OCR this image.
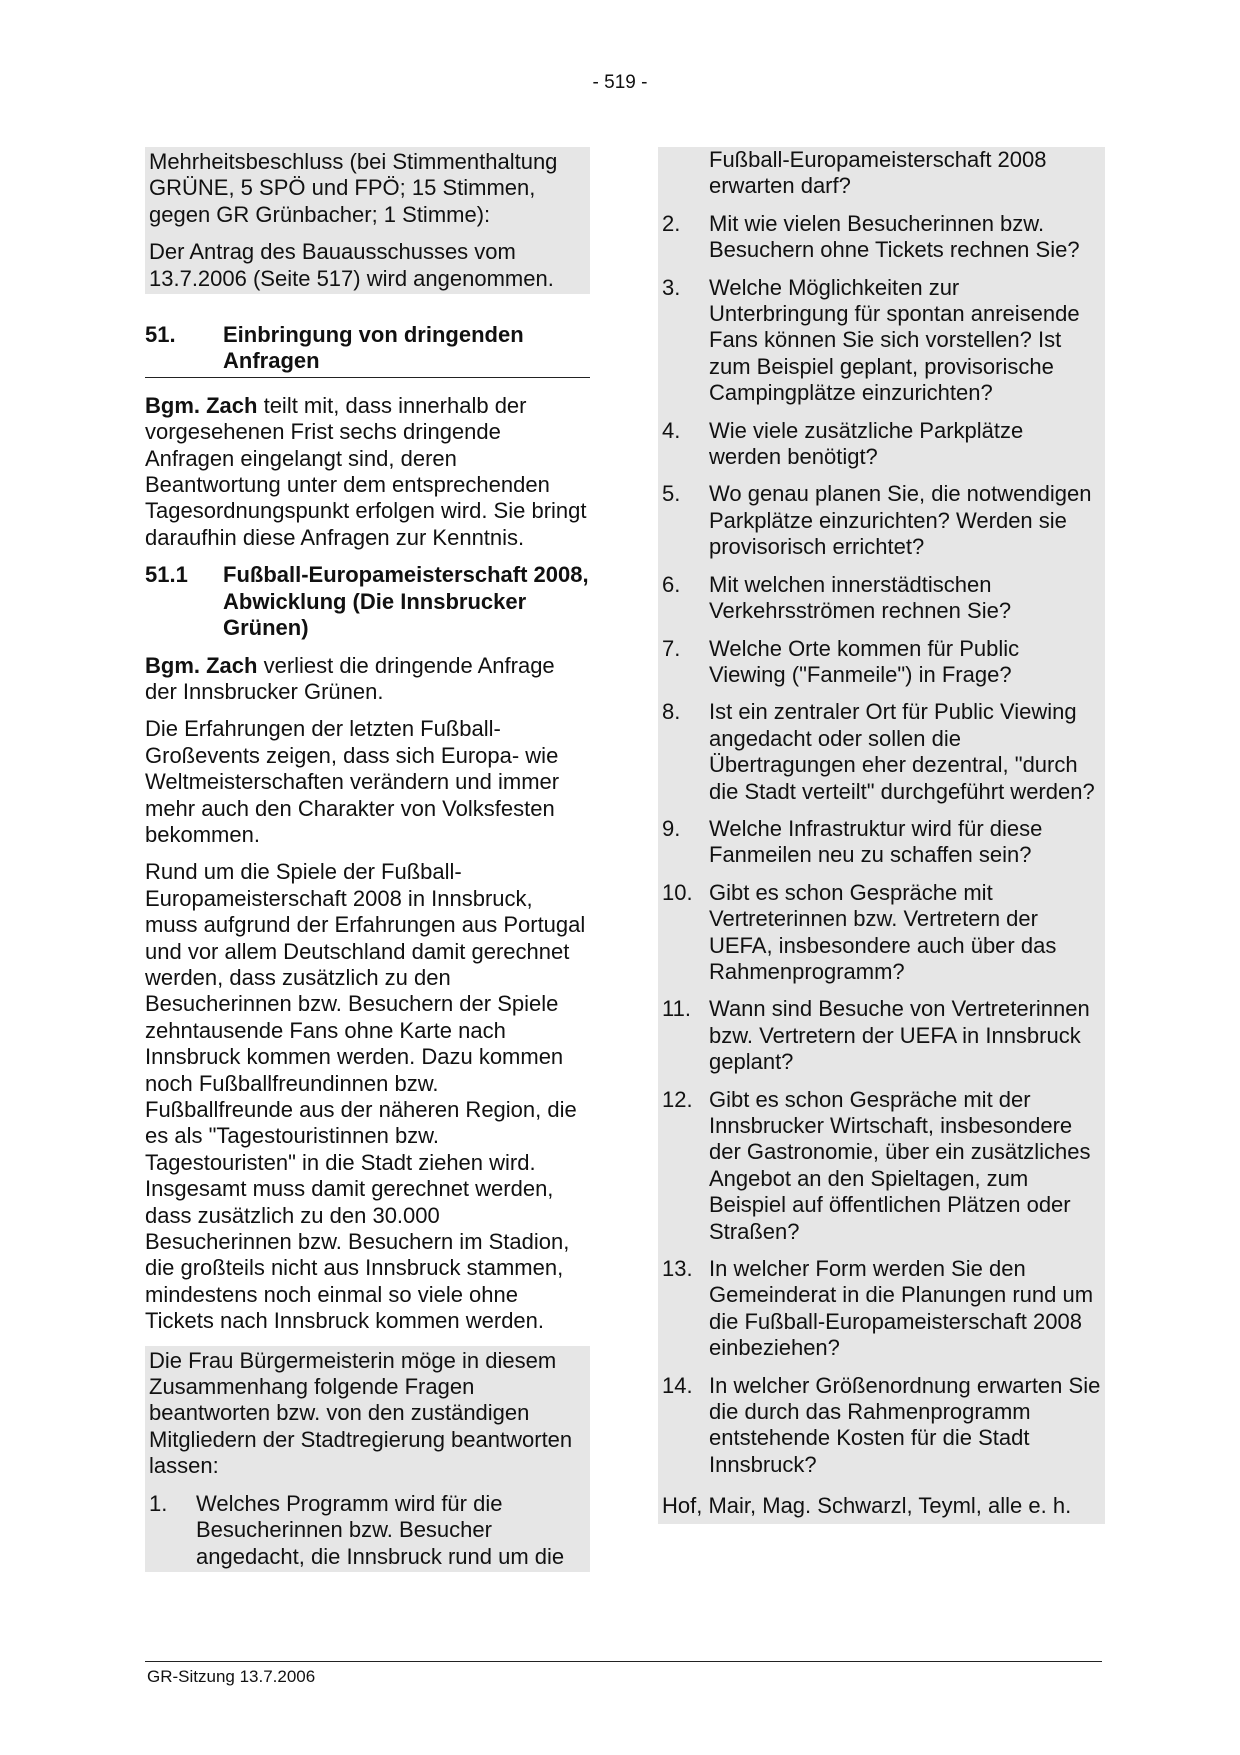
- 519 -
Mehrheitsbeschluss (bei Stimmenthaltung GRÜNE, 5 SPÖ und FPÖ; 15 Stimmen, gegen GR Grünbacher; 1 Stimme):
Der Antrag des Bauausschusses vom 13.7.2006 (Seite 517) wird angenommen.
51.	Einbringung von dringenden Anfragen
Bgm. Zach teilt mit, dass innerhalb der vorgesehenen Frist sechs dringende Anfragen eingelangt sind, deren Beantwortung unter dem entsprechenden Tagesordnungspunkt erfolgen wird. Sie bringt daraufhin diese Anfragen zur Kenntnis.
51.1	Fußball-Europameisterschaft 2008, Abwicklung (Die Innsbrucker Grünen)
Bgm. Zach verliest die dringende Anfrage der Innsbrucker Grünen.
Die Erfahrungen der letzten Fußball-Großevents zeigen, dass sich Europa- wie Weltmeisterschaften verändern und immer mehr auch den Charakter von Volksfesten bekommen.
Rund um die Spiele der Fußball-Europameisterschaft 2008 in Innsbruck, muss aufgrund der Erfahrungen aus Portugal und vor allem Deutschland damit gerechnet werden, dass zusätzlich zu den Besucherinnen bzw. Besuchern der Spiele zehntausende Fans ohne Karte nach Innsbruck kommen werden. Dazu kommen noch Fußballfreundinnen bzw. Fußballfreunde aus der näheren Region, die es als "Tagestouristinnen bzw. Tagestouristen" in die Stadt ziehen wird. Insgesamt muss damit gerechnet werden, dass zusätzlich zu den 30.000 Besucherinnen bzw. Besuchern im Stadion, die großteils nicht aus Innsbruck stammen, mindestens noch einmal so viele ohne Tickets nach Innsbruck kommen werden.
Die Frau Bürgermeisterin möge in diesem Zusammenhang folgende Fragen beantworten bzw. von den zuständigen Mitgliedern der Stadtregierung beantworten lassen:
1.	Welches Programm wird für die Besucherinnen bzw. Besucher angedacht, die Innsbruck rund um die
Fußball-Europameisterschaft 2008 erwarten darf?
2.	Mit wie vielen Besucherinnen bzw. Besuchern ohne Tickets rechnen Sie?
3.	Welche Möglichkeiten zur Unterbringung für spontan anreisende Fans können Sie sich vorstellen? Ist zum Beispiel geplant, provisorische Campingplätze einzurichten?
4.	Wie viele zusätzliche Parkplätze werden benötigt?
5.	Wo genau planen Sie, die notwendigen Parkplätze einzurichten? Werden sie provisorisch errichtet?
6.	Mit welchen innerstädtischen Verkehrsströmen rechnen Sie?
7.	Welche Orte kommen für Public Viewing ("Fanmeile") in Frage?
8.	Ist ein zentraler Ort für Public Viewing angedacht oder sollen die Übertragungen eher dezentral, "durch die Stadt verteilt" durchgeführt werden?
9.	Welche Infrastruktur wird für diese Fanmeilen neu zu schaffen sein?
10. Gibt es schon Gespräche mit Vertreterinnen bzw. Vertretern der UEFA, insbesondere auch über das Rahmenprogramm?
11. Wann sind Besuche von Vertreterinnen bzw. Vertretern der UEFA in Innsbruck geplant?
12. Gibt es schon Gespräche mit der Innsbrucker Wirtschaft, insbesondere der Gastronomie, über ein zusätzliches Angebot an den Spieltagen, zum Beispiel auf öffentlichen Plätzen oder Straßen?
13. In welcher Form werden Sie den Gemeinderat in die Planungen rund um die Fußball-Europameisterschaft 2008 einbeziehen?
14. In welcher Größenordnung erwarten Sie die durch das Rahmenprogramm entstehende Kosten für die Stadt Innsbruck?
Hof, Mair, Mag. Schwarzl, Teyml, alle e. h.
GR-Sitzung 13.7.2006
